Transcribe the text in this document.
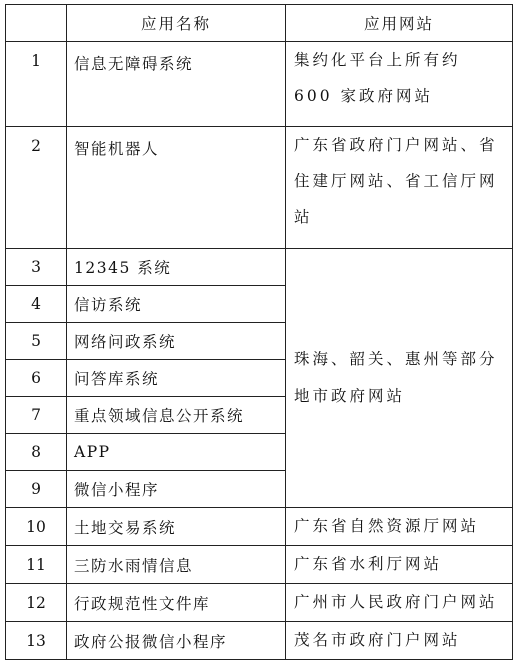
	应用名称	应用网站
1	信息无障碍系统	集约化平台上所有约 600 家政府网站
2	智能机器人	广东省政府门户网站、省住建厅网站、省工信厅网站
3	12345 系统	珠海、韶关、惠州等部分地市政府网站
4	信访系统	
5	网络问政系统	
6	问答库系统	
7	重点领域信息公开系统	
8	APP	
9	微信小程序	
10	土地交易系统	广东省自然资源厅网站
11	三防水雨情信息	广东省水利厅网站
12	行政规范性文件库	广州市人民政府门户网站
13	政府公报微信小程序	茂名市政府门户网站
